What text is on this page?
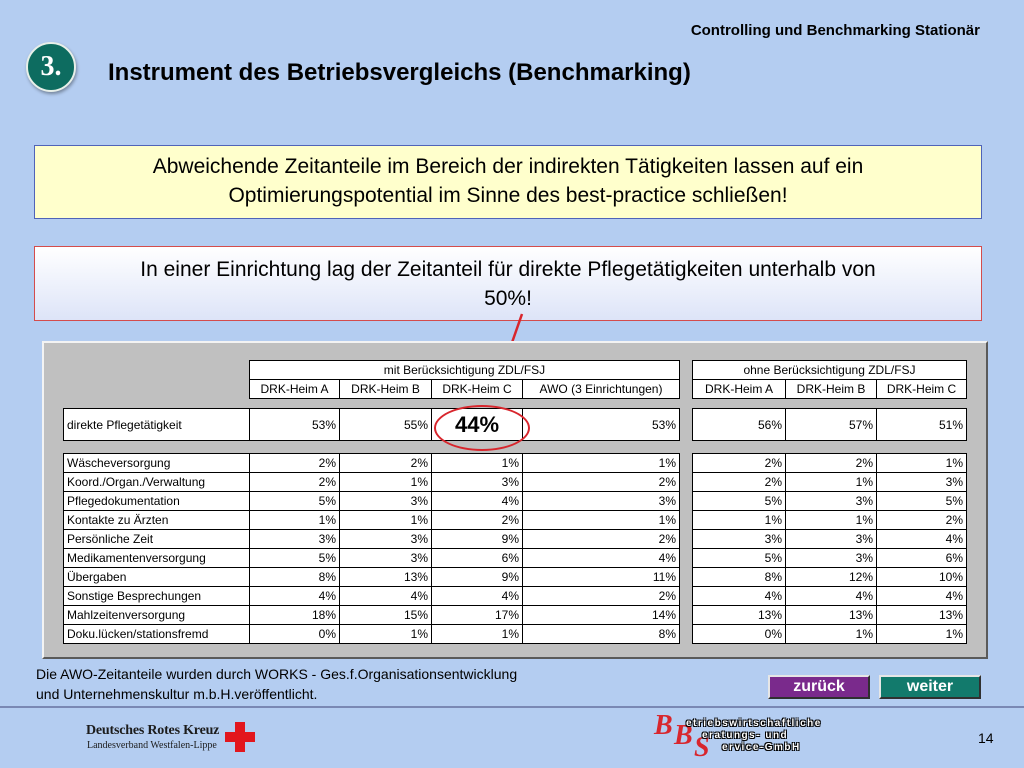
Controlling und Benchmarking Stationär
3.	Instrument des Betriebsvergleichs (Benchmarking)
Abweichende Zeitanteile im Bereich der indirekten Tätigkeiten lassen auf ein
Optimierungspotential im Sinne des best-practice schließen!
In einer Einrichtung lag der Zeitanteil für direkte Pflegetätigkeiten unterhalb von
50%!
mit Berücksichtigung ZDL/FSJ	ohne Berücksichtigung ZDL/FSJ
DRK-Heim A	DRK-Heim B	DRK-Heim C	AWO (3 Einrichtungen)	DRK-Heim A	DRK-Heim B	DRK-Heim C
direkte Pflegetätigkeit	53%	55%	44%	53%	56%	57%	51%
Wäscheversorgung	2%	2%	1%	1%	2%	2%	1%
Koord./Organ./Verwaltung	2%	1%	3%	2%	2%	1%	3%
Pflegedokumentation	5%	3%	4%	3%	5%	3%	5%
Kontakte zu Ärzten	1%	1%	2%	1%	1%	1%	2%
Persönliche Zeit	3%	3%	9%	2%	3%	3%	4%
Medikamentenversorgung	5%	3%	6%	4%	5%	3%	6%
Übergaben	8%	13%	9%	11%	8%	12%	10%
Sonstige Besprechungen	4%	4%	4%	2%	4%	4%	4%
Mahlzeitenversorgung	18%	15%	17%	14%	13%	13%	13%
Doku.lücken/stationsfremd	0%	1%	1%	8%	0%	1%	1%
Die AWO-Zeitanteile wurden durch WORKS - Ges.f.Organisationsentwicklung
und Unternehmenskultur m.b.H.veröffentlicht.	zurück	weiter
Deutsches Rotes Kreuz
Landesverband Westfalen-Lippe
B B S
etriebswirtschaftliche
eratungs- und
ervice-GmbH
14
